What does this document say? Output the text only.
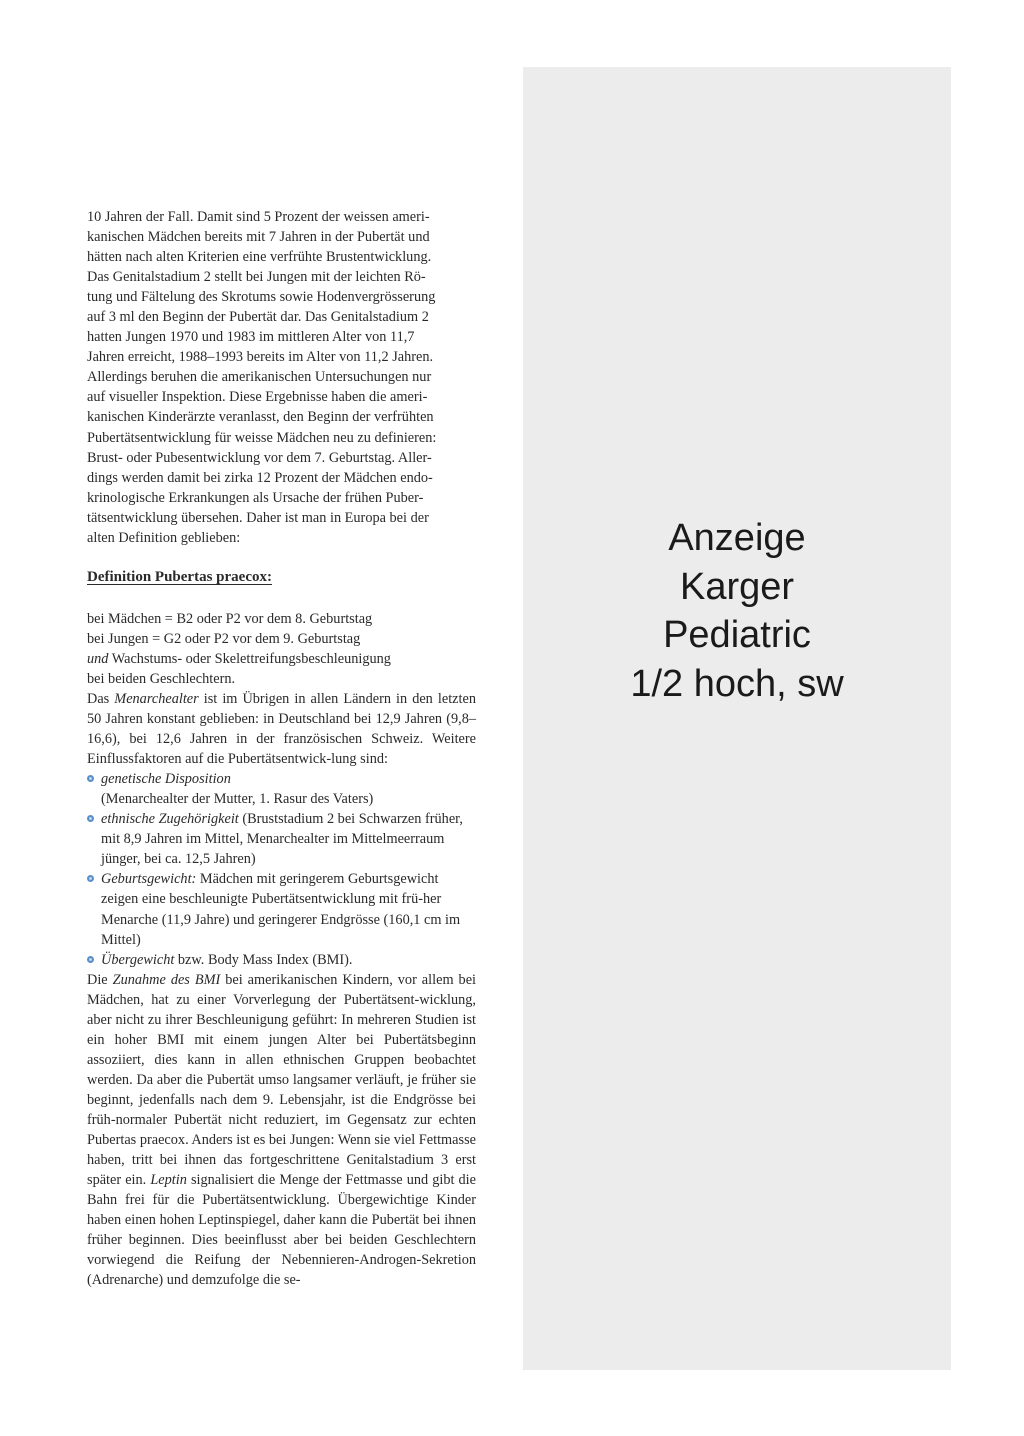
10 Jahren der Fall. Damit sind 5 Prozent der weissen ameri-
kanischen Mädchen bereits mit 7 Jahren in der Pubertät und
hätten nach alten Kriterien eine verfrühte Brustentwicklung.
Das Genitalstadium 2 stellt bei Jungen mit der leichten Rö-
tung und Fältelung des Skrotums sowie Hodenvergrösserung
auf 3 ml den Beginn der Pubertät dar. Das Genitalstadium 2
hatten Jungen 1970 und 1983 im mittleren Alter von 11,7
Jahren erreicht, 1988–1993 bereits im Alter von 11,2 Jahren.
Allerdings beruhen die amerikanischen Untersuchungen nur
auf visueller Inspektion. Diese Ergebnisse haben die ameri-
kanischen Kinderärzte veranlasst, den Beginn der verfrühten
Pubertätsentwicklung für weisse Mädchen neu zu definieren:
Brust- oder Pubesentwicklung vor dem 7. Geburtstag. Aller-
dings werden damit bei zirka 12 Prozent der Mädchen endo-
krinologische Erkrankungen als Ursache der frühen Puber-
tätsentwicklung übersehen. Daher ist man in Europa bei der
alten Definition geblieben:

Definition Pubertas praecox:

bei Mädchen = B2 oder P2 vor dem 8. Geburtstag

bei Jungen = G2 oder P2 vor dem 9. Geburtstag

und Wachstums- oder Skelettreifungsbeschleunigung

bei beiden Geschlechtern.

Das Menarchealter ist im Übrigen in allen Ländern in den letzten 50 Jahren konstant geblieben: in Deutschland bei 12,9 Jahren (9,8–16,6), bei 12,6 Jahren in der französischen Schweiz. Weitere Einflussfaktoren auf die Pubertätsentwick-lung sind:

genetische Disposition
(Menarchealter der Mutter, 1. Rasur des Vaters)
ethnische Zugehörigkeit (Bruststadium 2 bei Schwarzen früher, mit 8,9 Jahren im Mittel, Menarchealter im Mittelmeerraum jünger, bei ca. 12,5 Jahren)
Geburtsgewicht: Mädchen mit geringerem Geburtsgewicht zeigen eine beschleunigte Pubertätsentwicklung mit frü-her Menarche (11,9 Jahre) und geringerer Endgrösse (160,1 cm im Mittel)
Übergewicht bzw. Body Mass Index (BMI).

Die Zunahme des BMI bei amerikanischen Kindern, vor allem bei Mädchen, hat zu einer Vorverlegung der Pubertätsent-wicklung, aber nicht zu ihrer Beschleunigung geführt: In mehreren Studien ist ein hoher BMI mit einem jungen Alter bei Pubertätsbeginn assoziiert, dies kann in allen ethnischen Gruppen beobachtet werden. Da aber die Pubertät umso langsamer verläuft, je früher sie beginnt, jedenfalls nach dem 9. Lebensjahr, ist die Endgrösse bei früh-normaler Pubertät nicht reduziert, im Gegensatz zur echten Pubertas praecox. Anders ist es bei Jungen: Wenn sie viel Fettmasse haben, tritt bei ihnen das fortgeschrittene Genitalstadium 3 erst später ein. Leptin signalisiert die Menge der Fettmasse und gibt die Bahn frei für die Pubertätsentwicklung. Übergewichtige Kinder haben einen hohen Leptinspiegel, daher kann die Pubertät bei ihnen früher beginnen. Dies beeinflusst aber bei beiden Geschlechtern vorwiegend die Reifung der Nebennieren-Androgen-Sekretion (Adrenarche) und demzufolge die se-

Anzeige
Karger
Pediatric
1/2 hoch, sw
